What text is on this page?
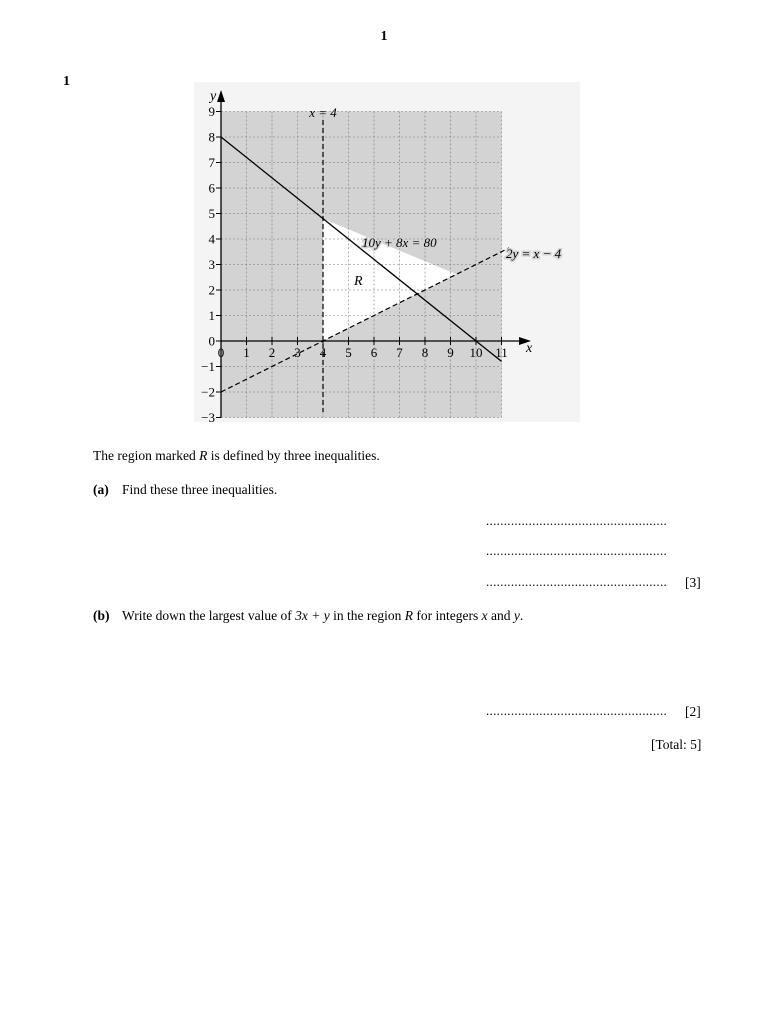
1
1
0 1 2 3 4 5 6 7 8 9 10 11
9
8
7
6
5
4
3
2
1
0
−1
−2
−3
y
x
x = 4
10y + 8x = 80
2y = x − 4
R
The region marked R is defined by three inequalities.
(a) Find these three inequalities.
...................................................
...................................................
................................................... [3]
(b) Write down the largest value of 3x + y in the region R for integers x and y.
................................................... [2]
[Total: 5]
